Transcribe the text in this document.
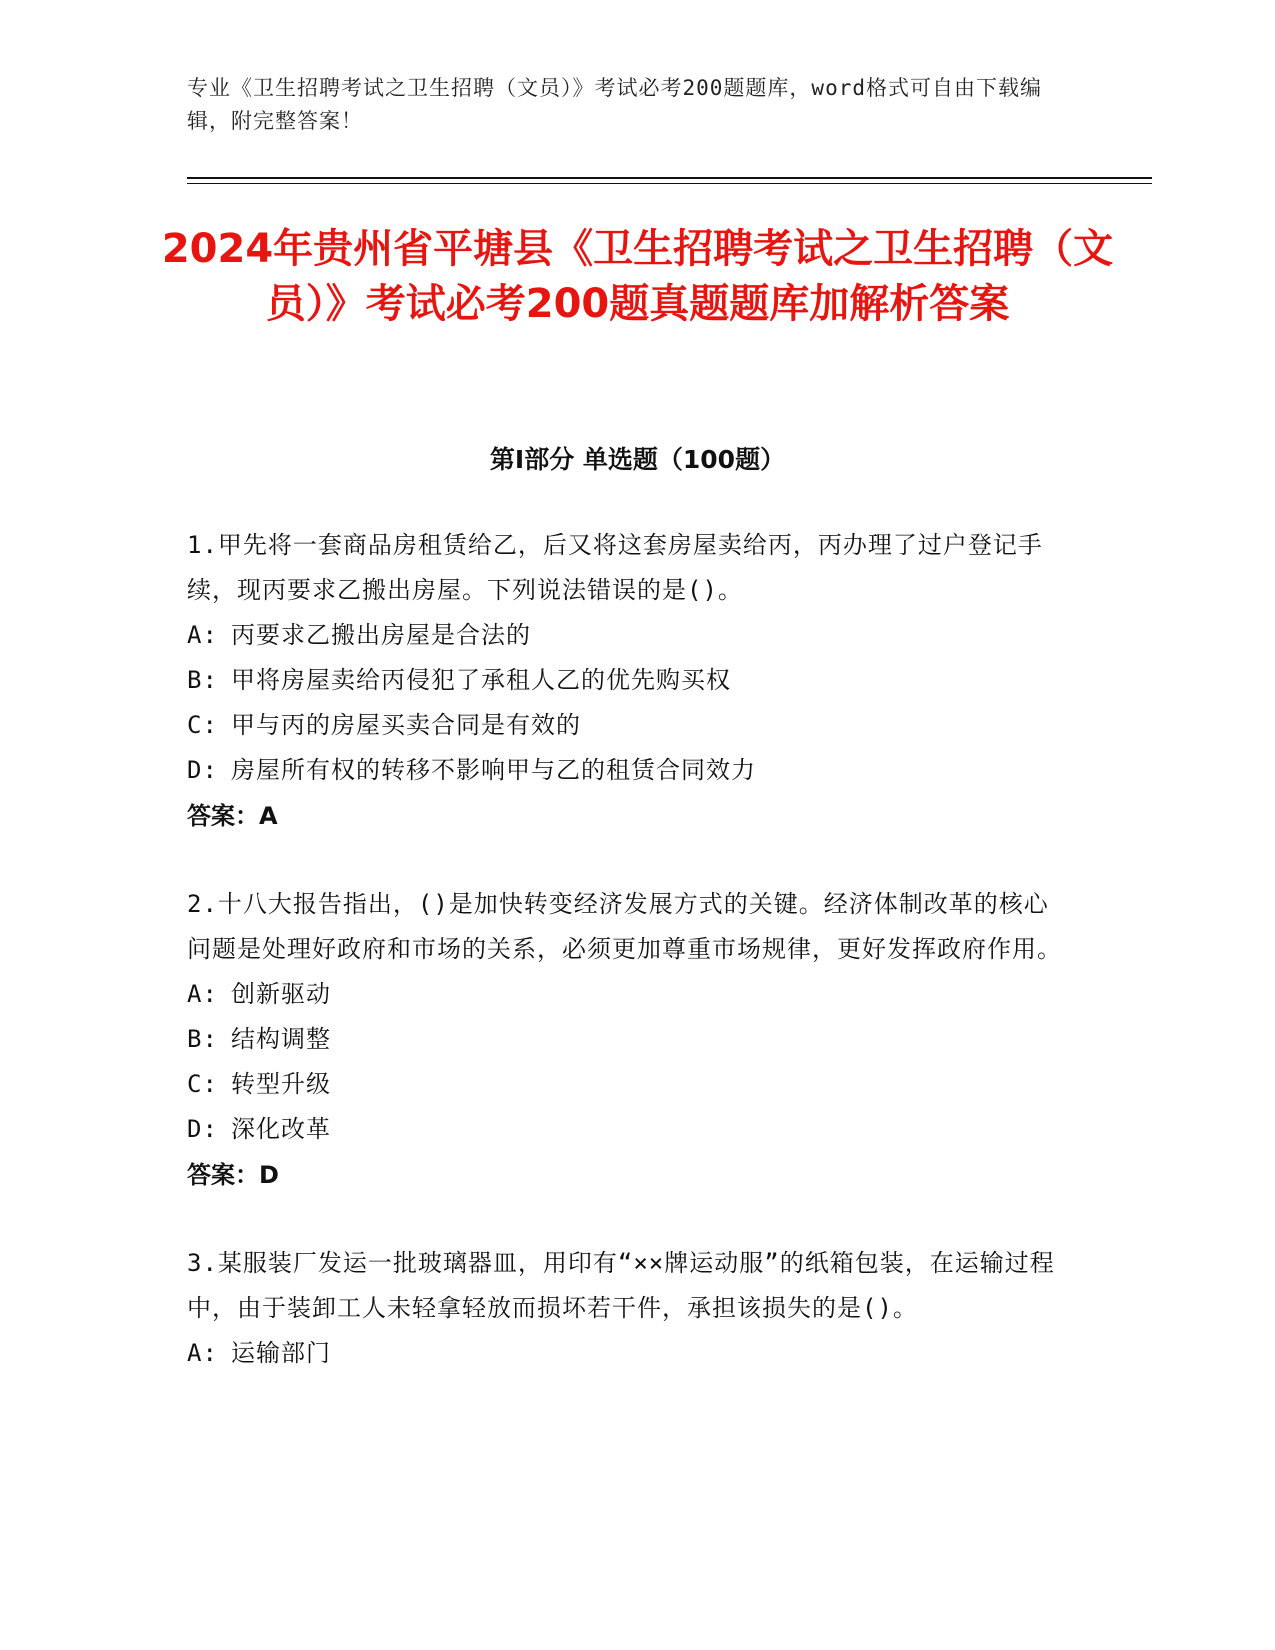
专业《卫生招聘考试之卫生招聘（文员）》考试必考200题题库，word格式可自由下载编辑，附完整答案！
2024年贵州省平塘县《卫生招聘考试之卫生招聘（文员）》考试必考200题真题题库加解析答案
第Ⅰ部分 单选题（100题）
1.甲先将一套商品房租赁给乙，后又将这套房屋卖给丙，丙办理了过户登记手续，现丙要求乙搬出房屋。下列说法错误的是()。
A: 丙要求乙搬出房屋是合法的
B: 甲将房屋卖给丙侵犯了承租人乙的优先购买权
C: 甲与丙的房屋买卖合同是有效的
D: 房屋所有权的转移不影响甲与乙的租赁合同效力
答案：A
2.十八大报告指出，()是加快转变经济发展方式的关键。经济体制改革的核心问题是处理好政府和市场的关系，必须更加尊重市场规律，更好发挥政府作用。
A: 创新驱动
B: 结构调整
C: 转型升级
D: 深化改革
答案：D
3.某服装厂发运一批玻璃器皿，用印有“××牌运动服”的纸箱包装，在运输过程中，由于装卸工人未轻拿轻放而损坏若干件，承担该损失的是()。
A: 运输部门
